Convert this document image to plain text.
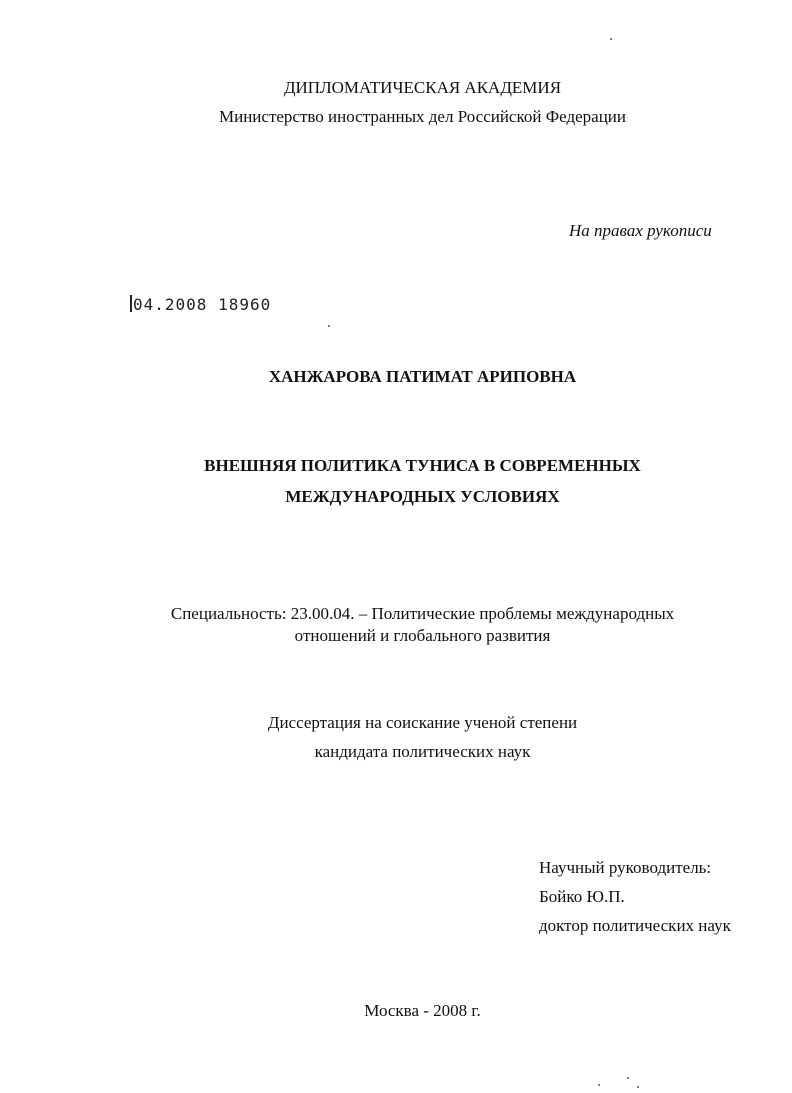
ДИПЛОМАТИЧЕСКАЯ АКАДЕМИЯ
Министерство иностранных дел Российской Федерации
На правах рукописи
04.2008 18960
ХАНЖАРОВА ПАТИМАТ АРИПОВНА
ВНЕШНЯЯ ПОЛИТИКА ТУНИСА В СОВРЕМЕННЫХ
МЕЖДУНАРОДНЫХ УСЛОВИЯХ
Специальность: 23.00.04. – Политические проблемы международных
отношений и глобального развития
Диссертация на соискание ученой степени
кандидата политических наук
Научный руководитель:
Бойко Ю.П.
доктор политических наук
Москва - 2008 г.
